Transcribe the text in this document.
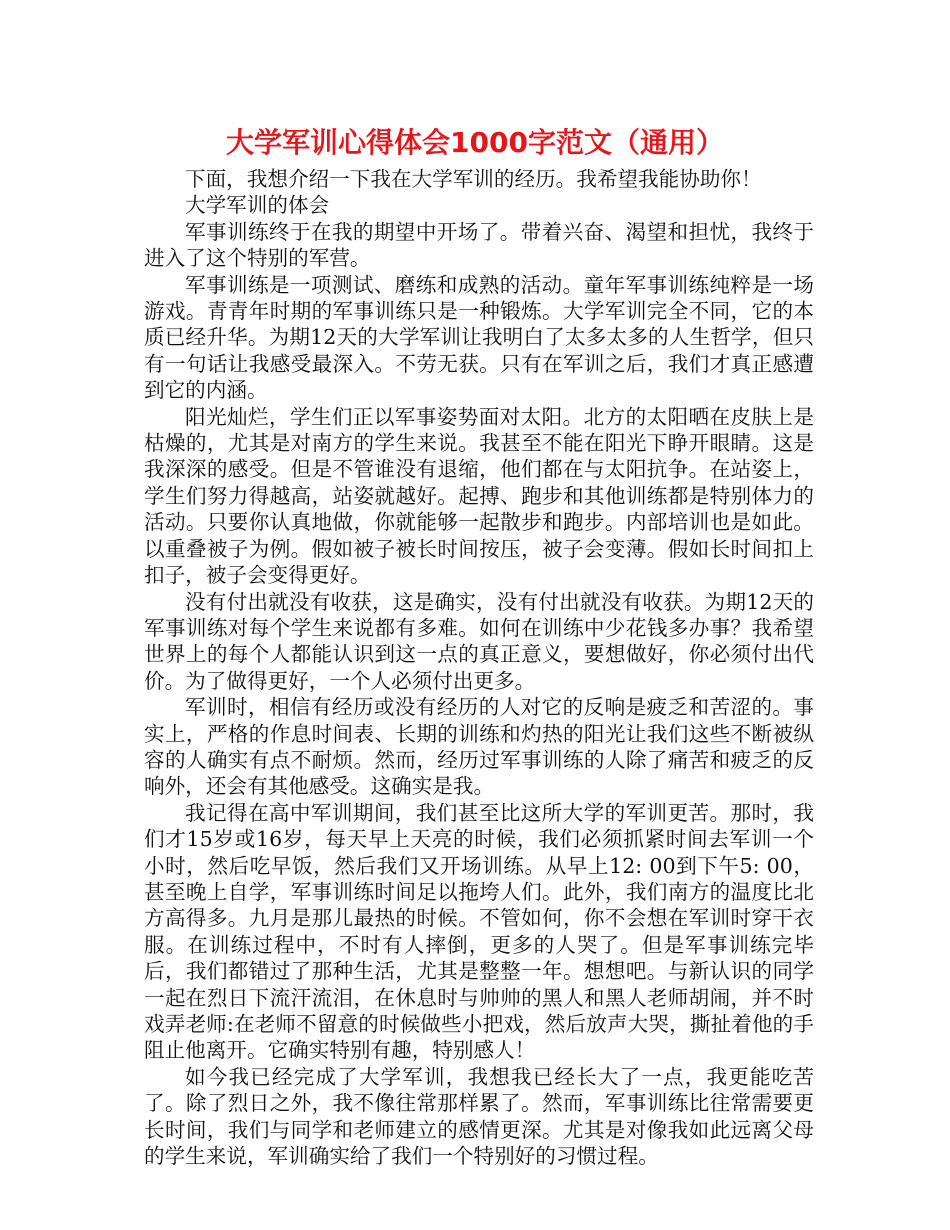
大学军训心得体会1000字范文（通用）

下面，我想介绍一下我在大学军训的经历。我希望我能协助你！

大学军训的体会

军事训练终于在我的期望中开场了。带着兴奋、渴望和担忧，我终于进入了这个特别的军营。

军事训练是一项测试、磨练和成熟的活动。童年军事训练纯粹是一场游戏。青青年时期的军事训练只是一种锻炼。大学军训完全不同，它的本质已经升华。为期12天的大学军训让我明白了太多太多的人生哲学，但只有一句话让我感受最深入。不劳无获。只有在军训之后，我们才真正感遭到它的内涵。

阳光灿烂，学生们正以军事姿势面对太阳。北方的太阳晒在皮肤上是枯燥的，尤其是对南方的学生来说。我甚至不能在阳光下睁开眼睛。这是我深深的感受。但是不管谁没有退缩，他们都在与太阳抗争。在站姿上，学生们努力得越高，站姿就越好。起搏、跑步和其他训练都是特别体力的活动。只要你认真地做，你就能够一起散步和跑步。内部培训也是如此。以重叠被子为例。假如被子被长时间按压，被子会变薄。假如长时间扣上扣子，被子会变得更好。

没有付出就没有收获，这是确实，没有付出就没有收获。为期12天的军事训练对每个学生来说都有多难。如何在训练中少花钱多办事？我希望世界上的每个人都能认识到这一点的真正意义，要想做好，你必须付出代价。为了做得更好，一个人必须付出更多。

军训时，相信有经历或没有经历的人对它的反响是疲乏和苦涩的。事实上，严格的作息时间表、长期的训练和灼热的阳光让我们这些不断被纵容的人确实有点不耐烦。然而，经历过军事训练的人除了痛苦和疲乏的反响外，还会有其他感受。这确实是我。

我记得在高中军训期间，我们甚至比这所大学的军训更苦。那时，我们才15岁或16岁，每天早上天亮的时候，我们必须抓紧时间去军训一个小时，然后吃早饭，然后我们又开场训练。从早上12: 00到下午5: 00，甚至晚上自学，军事训练时间足以拖垮人们。此外，我们南方的温度比北方高得多。九月是那儿最热的时候。不管如何，你不会想在军训时穿干衣服。在训练过程中，不时有人摔倒，更多的人哭了。但是军事训练完毕后，我们都错过了那种生活，尤其是整整一年。想想吧。与新认识的同学一起在烈日下流汗流泪，在休息时与帅帅的黑人和黑人老师胡闹，并不时戏弄老师:在老师不留意的时候做些小把戏，然后放声大哭，撕扯着他的手阻止他离开。它确实特别有趣，特别感人！

如今我已经完成了大学军训，我想我已经长大了一点，我更能吃苦了。除了烈日之外，我不像往常那样累了。然而，军事训练比往常需要更长时间，我们与同学和老师建立的感情更深。尤其是对像我如此远离父母的学生来说，军训确实给了我们一个特别好的习惯过程。
